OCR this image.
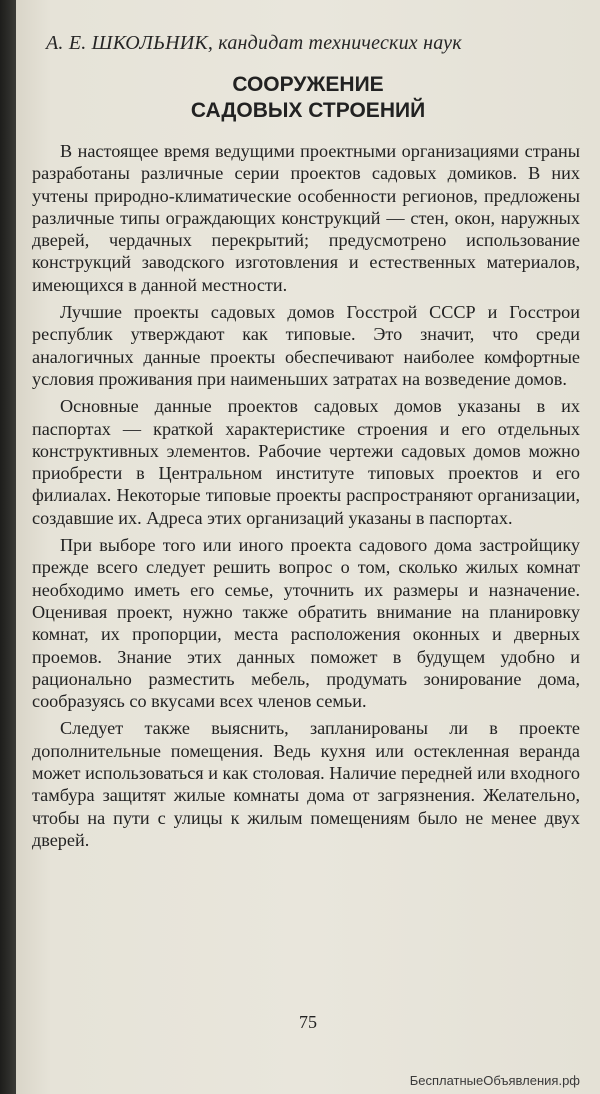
А. Е. ШКОЛЬНИК, кандидат технических наук
СООРУЖЕНИЕ
САДОВЫХ СТРОЕНИЙ

В настоящее время ведущими проектными организациями страны разработаны различные серии проектов садовых домиков. В них учтены природно-климатические особенности регионов, предложены различные типы ограждающих конструкций — стен, окон, наружных дверей, чердачных перекрытий; предусмотрено использование конструкций заводского изготовления и естественных материалов, имеющихся в данной местности.

Лучшие проекты садовых домов Госстрой СССР и Госстрои республик утверждают как типовые. Это значит, что среди аналогичных данные проекты обеспечивают наиболее комфортные условия проживания при наименьших затратах на возведение домов.

Основные данные проектов садовых домов указаны в их паспортах — краткой характеристике строения и его отдельных конструктивных элементов. Рабочие чертежи садовых домов можно приобрести в Центральном институте типовых проектов и его филиалах. Некоторые типовые проекты распространяют организации, создавшие их. Адреса этих организаций указаны в паспортах.

При выборе того или иного проекта садового дома застройщику прежде всего следует решить вопрос о том, сколько жилых комнат необходимо иметь его семье, уточнить их размеры и назначение. Оценивая проект, нужно также обратить внимание на планировку комнат, их пропорции, места расположения оконных и дверных проемов. Знание этих данных поможет в будущем удобно и рационально разместить мебель, продумать зонирование дома, сообразуясь со вкусами всех членов семьи.

Следует также выяснить, запланированы ли в проекте дополнительные помещения. Ведь кухня или остекленная веранда может использоваться и как столовая. Наличие передней или входного тамбура защитят жилые комнаты дома от загрязнения. Желательно, чтобы на пути с улицы к жилым помещениям было не менее двух дверей.

75
БесплатныеОбъявления.рф
